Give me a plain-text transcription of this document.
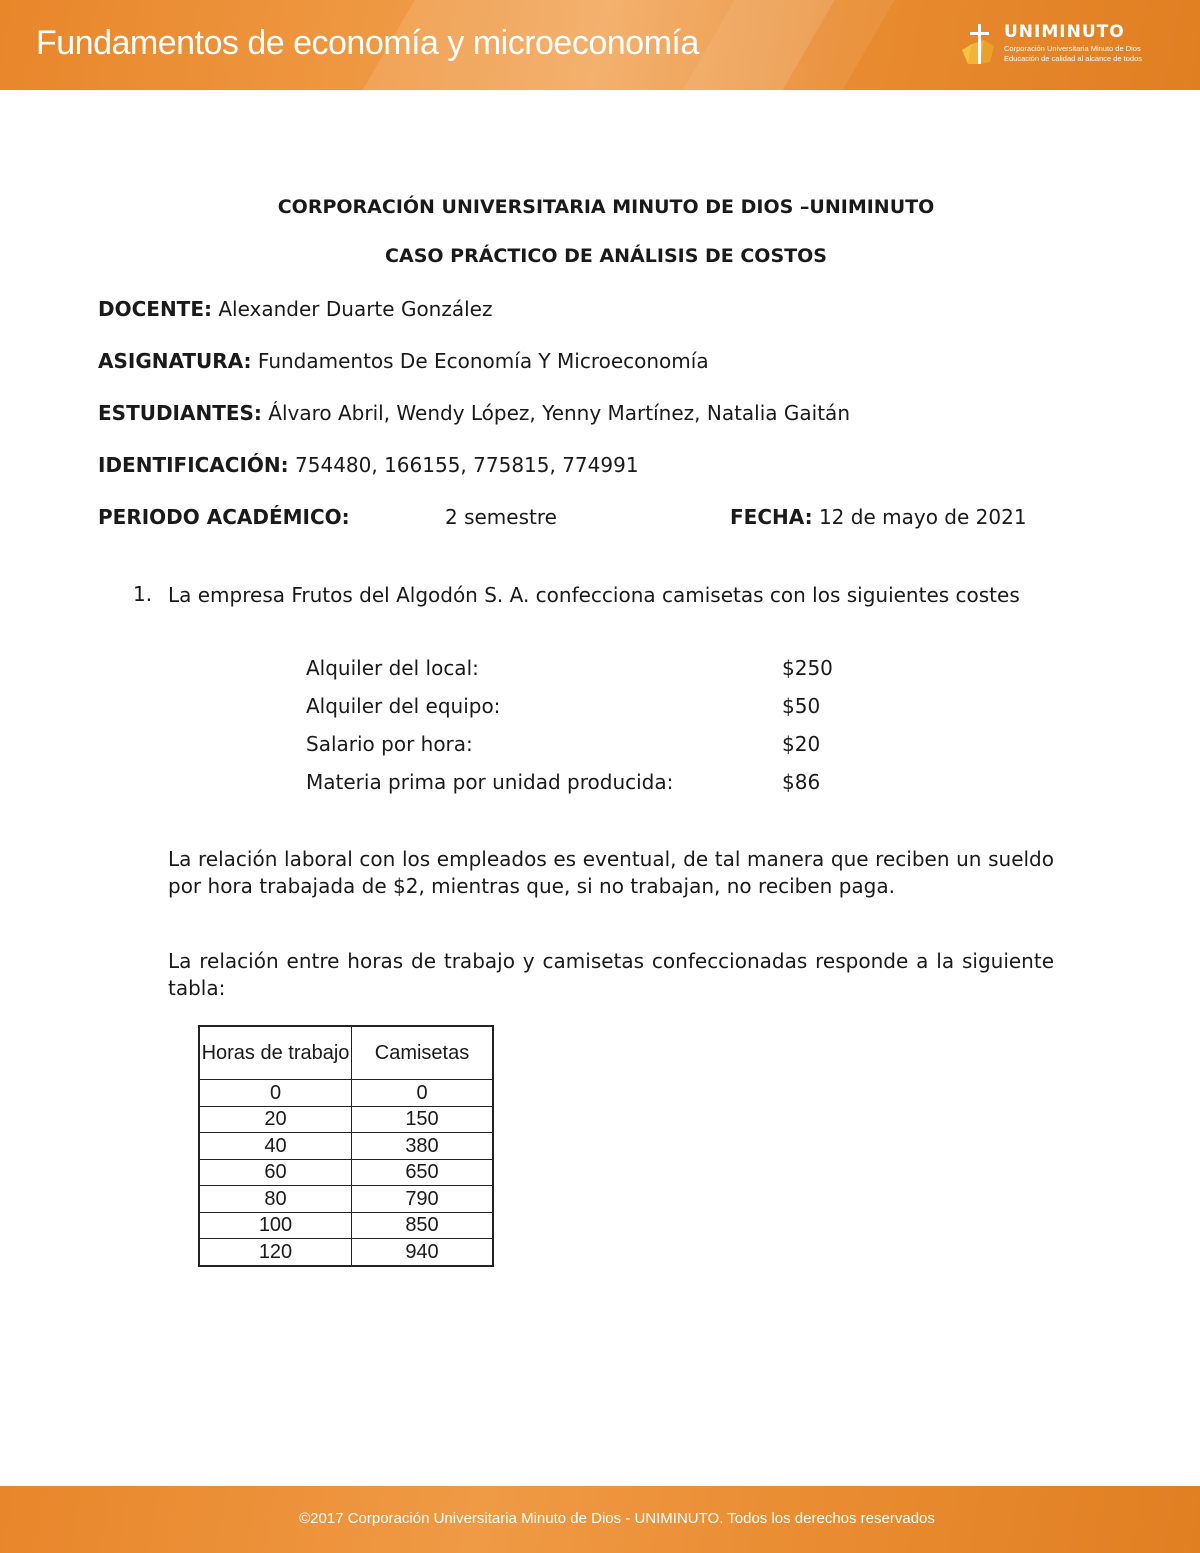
Fundamentos de economía y microeconomía	UNIMINUTO
Corporación Universitaria Minuto de Dios
Educación de calidad al alcance de todos
CORPORACIÓN UNIVERSITARIA MINUTO DE DIOS –UNIMINUTO
CASO PRÁCTICO DE ANÁLISIS DE COSTOS
DOCENTE: Alexander Duarte González
ASIGNATURA: Fundamentos De Economía Y Microeconomía
ESTUDIANTES: Álvaro Abril, Wendy López, Yenny Martínez, Natalia Gaitán
IDENTIFICACIÓN: 754480, 166155, 775815, 774991
PERIODO ACADÉMICO:	2 semestre	FECHA: 12 de mayo de 2021
1. La empresa Frutos del Algodón S. A. confecciona camisetas con los siguientes costes
Alquiler del local:	$250
Alquiler del equipo:	$50
Salario por hora:	$20
Materia prima por unidad producida:	$86
La relación laboral con los empleados es eventual, de tal manera que reciben un sueldo por hora trabajada de $2, mientras que, si no trabajan, no reciben paga.
La relación entre horas de trabajo y camisetas confeccionadas responde a la siguiente tabla:
Horas de trabajo	Camisetas
0	0
20	150
40	380
60	650
80	790
100	850
120	940
©2017 Corporación Universitaria Minuto de Dios - UNIMINUTO. Todos los derechos reservados
